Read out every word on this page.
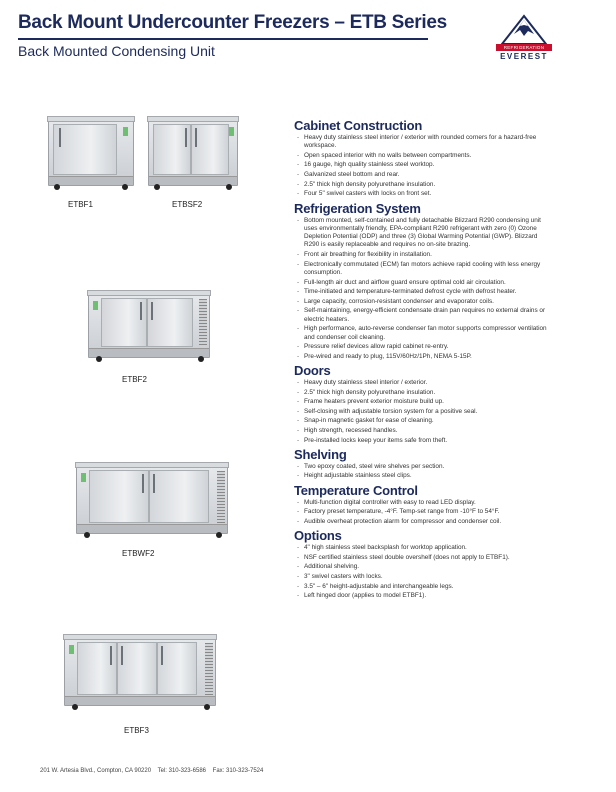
Back Mount Undercounter Freezers – ETB Series
Back Mounted Condensing Unit	REFRIGERATION
EVEREST
ETBF1	ETBSF2
ETBF2
ETBWF2
ETBF3
Cabinet Construction
- Heavy duty stainless steel interior / exterior with rounded corners for a hazard-free workspace.
- Open spaced interior with no walls between compartments.
- 16 gauge, high quality stainless steel worktop.
- Galvanized steel bottom and rear.
- 2.5" thick high density polyurethane insulation.
- Four 5" swivel casters with locks on front set.
Refrigeration System
- Bottom mounted, self-contained and fully detachable Blizzard R290 condensing unit uses environmentally friendly, EPA-compliant R290 refrigerant with zero (0) Ozone Depletion Potential (ODP) and three (3) Global Warming Potential (GWP). Blizzard R290 is easily replaceable and requires no on-site brazing.
- Front air breathing for flexibility in installation.
- Electronically commutated (ECM) fan motors achieve rapid cooling with less energy consumption.
- Full-length air duct and airflow guard ensure optimal cold air circulation.
- Time-initiated and temperature-terminated defrost cycle with defrost heater.
- Large capacity, corrosion-resistant condenser and evaporator coils.
- Self-maintaining, energy-efficient condensate drain pan requires no external drains or electric heaters.
- High performance, auto-reverse condenser fan motor supports compressor ventilation and condenser coil cleaning.
- Pressure relief devices allow rapid cabinet re-entry.
- Pre-wired and ready to plug, 115V/60Hz/1Ph, NEMA 5-15P.
Doors
- Heavy duty stainless steel interior / exterior.
- 2.5" thick high density polyurethane insulation.
- Frame heaters prevent exterior moisture build up.
- Self-closing with adjustable torsion system for a positive seal.
- Snap-in magnetic gasket for ease of cleaning.
- High strength, recessed handles.
- Pre-installed locks keep your items safe from theft.
Shelving
- Two epoxy coated, steel wire shelves per section.
- Height adjustable stainless steel clips.
Temperature Control
- Multi-function digital controller with easy to read LED display.
- Factory preset temperature, -4°F. Temp-set range from -10°F to 54°F.
- Audible overheat protection alarm for compressor and condenser coil.
Options
- 4" high stainless steel backsplash for worktop application.
- NSF certified stainless steel double overshelf (does not apply to ETBF1).
- Additional shelving.
- 3" swivel casters with locks.
- 3.5" – 6" height-adjustable and interchangeable legs.
- Left hinged door (applies to model ETBF1).
201 W. Artesia Blvd., Compton, CA 90220    Tel: 310-323-6586    Fax: 310-323-7524
